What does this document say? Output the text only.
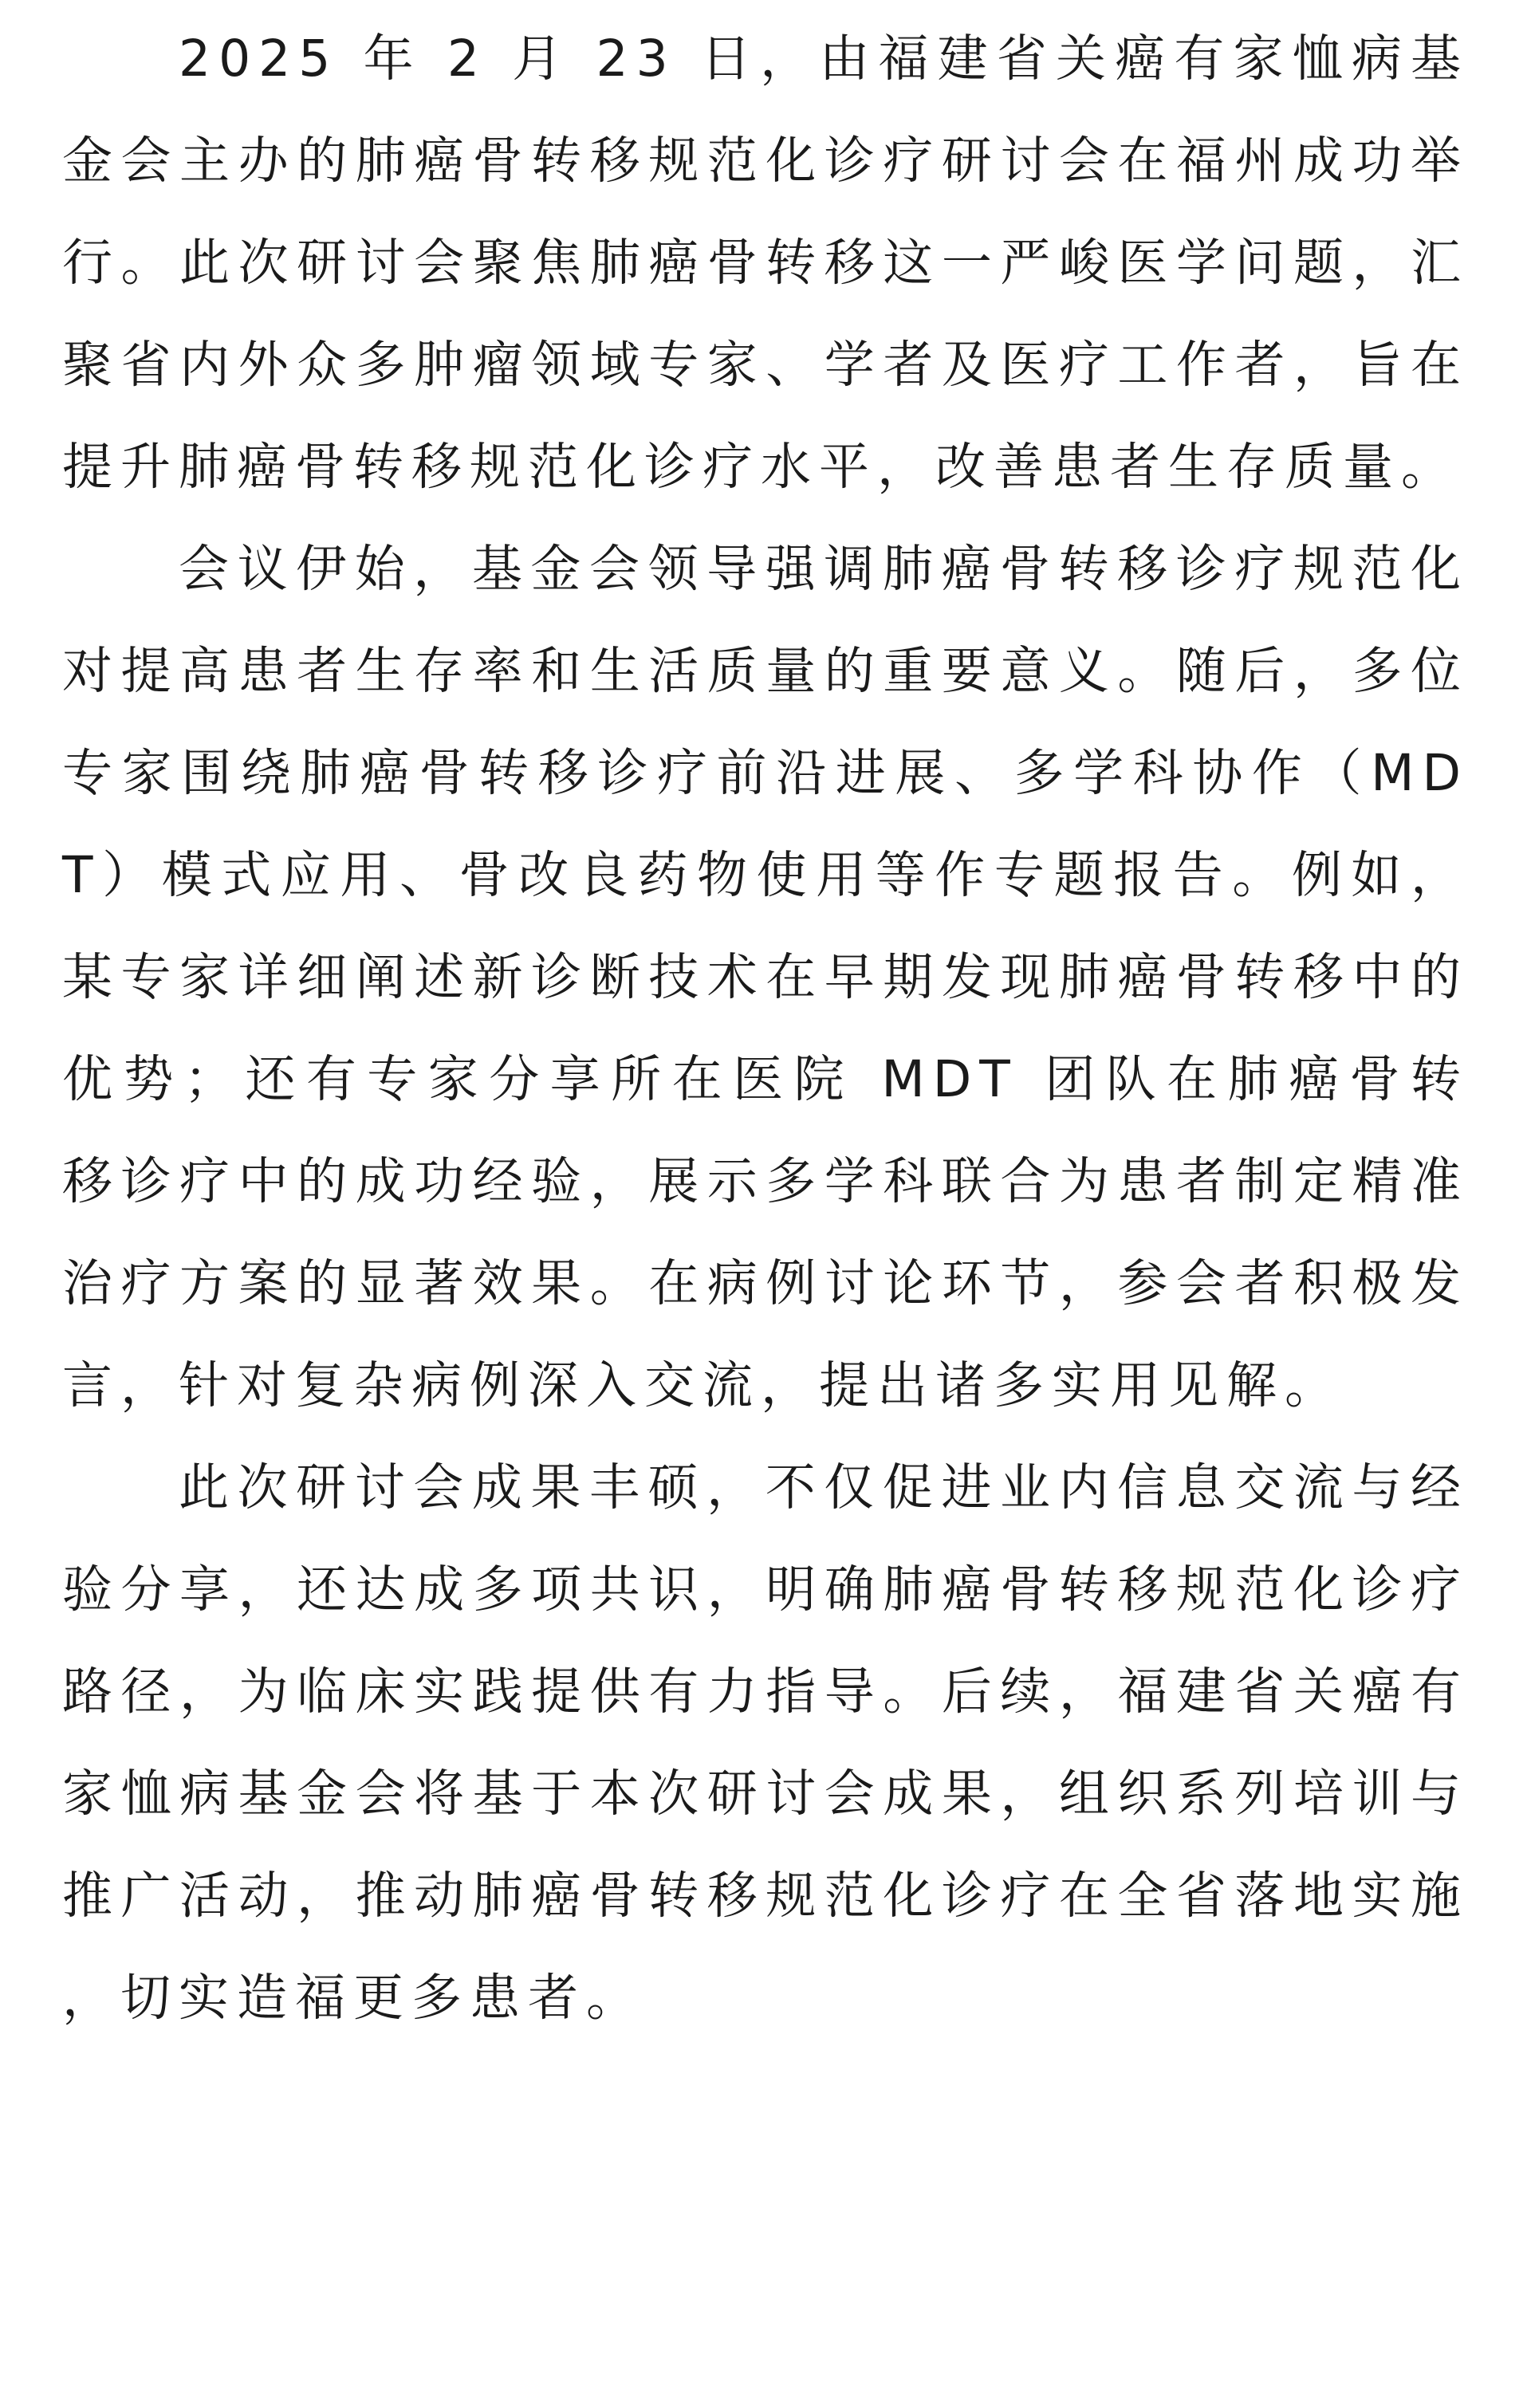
2025 年 2 月 23 日，由福建省关癌有家恤病基金会主办的肺癌骨转移规范化诊疗研讨会在福州成功举行。此次研讨会聚焦肺癌骨转移这一严峻医学问题，汇聚省内外众多肿瘤领域专家、学者及医疗工作者，旨在提升肺癌骨转移规范化诊疗水平，改善患者生存质量。

会议伊始，基金会领导强调肺癌骨转移诊疗规范化对提高患者生存率和生活质量的重要意义。随后，多位专家围绕肺癌骨转移诊疗前沿进展、多学科协作（MDT）模式应用、骨改良药物使用等作专题报告。例如，某专家详细阐述新诊断技术在早期发现肺癌骨转移中的优势；还有专家分享所在医院 MDT 团队在肺癌骨转移诊疗中的成功经验，展示多学科联合为患者制定精准治疗方案的显著效果。在病例讨论环节，参会者积极发言，针对复杂病例深入交流，提出诸多实用见解。

此次研讨会成果丰硕，不仅促进业内信息交流与经验分享，还达成多项共识，明确肺癌骨转移规范化诊疗路径，为临床实践提供有力指导。后续，福建省关癌有家恤病基金会将基于本次研讨会成果，组织系列培训与推广活动，推动肺癌骨转移规范化诊疗在全省落地实施，切实造福更多患者。
